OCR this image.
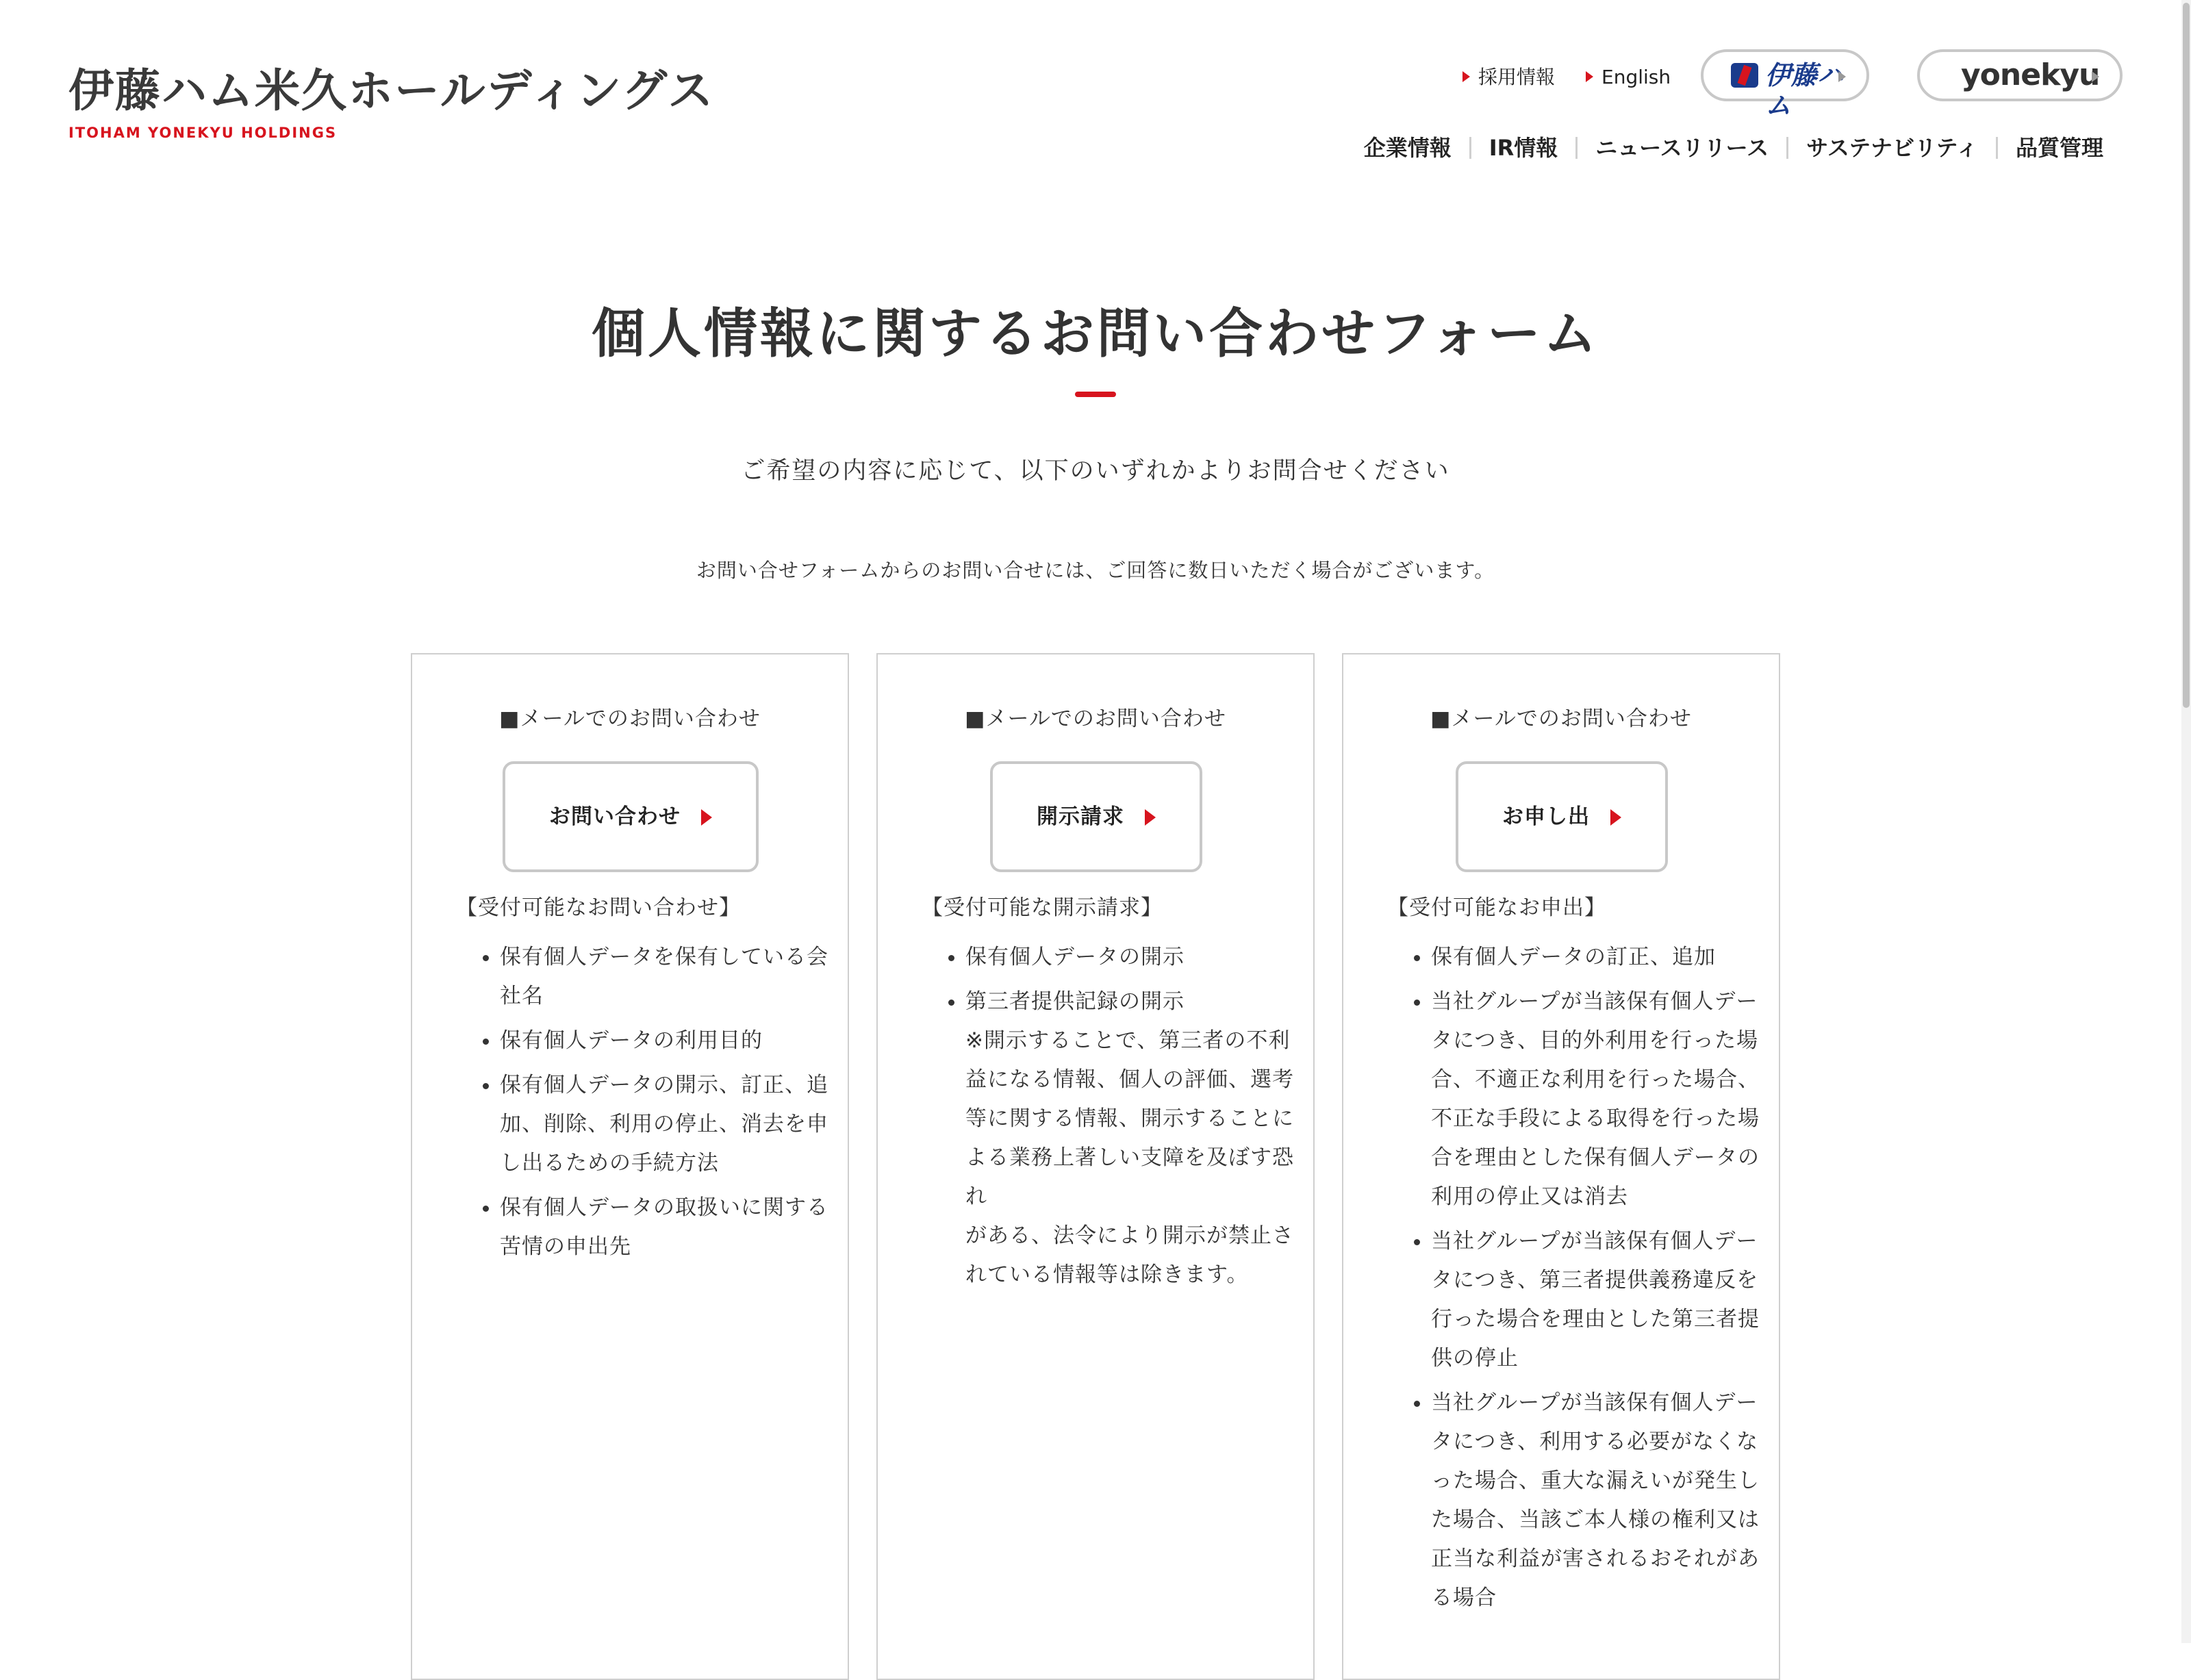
伊藤ハム米久ホールディングス
ITOHAM YONEKYU HOLDINGS
採用情報	English	伊藤ハム
yonekyu
企業情報 IR情報 ニュースリリース サステナビリティ 品質管理
個人情報に関するお問い合わせフォーム

ご希望の内容に応じて、以下のいずれかよりお問合せください

お問い合せフォームからのお問い合せには、ご回答に数日いただく場合がございます。

■メールでのお問い合わせ
お問い合わせ
【受付可能なお問い合わせ】
• 保有個人データを保有している会社名
• 保有個人データの利用目的
• 保有個人データの開示、訂正、追加、削除、利用の停止、消去を申し出るための手続方法
• 保有個人データの取扱いに関する苦情の申出先
■メールでのお問い合わせ
開示請求
【受付可能な開示請求】
• 保有個人データの開示
• 第三者提供記録の開示
※開示することで、第三者の不利益になる情報、個人の評価、選考等に関する情報、開示することによる業務上著しい支障を及ぼす恐れ
がある、法令により開示が禁止されている情報等は除きます。
■メールでのお問い合わせ
お申し出
【受付可能なお申出】
• 保有個人データの訂正、追加
• 当社グループが当該保有個人データにつき、目的外利用を行った場合、不適正な利用を行った場合、不正な手段による取得を行った場合を理由とした保有個人データの利用の停止又は消去
• 当社グループが当該保有個人データにつき、第三者提供義務違反を行った場合を理由とした第三者提供の停止
• 当社グループが当該保有個人データにつき、利用する必要がなくなった場合、重大な漏えいが発生した場合、当該ご本人様の権利又は正当な利益が害されるおそれがある場合
